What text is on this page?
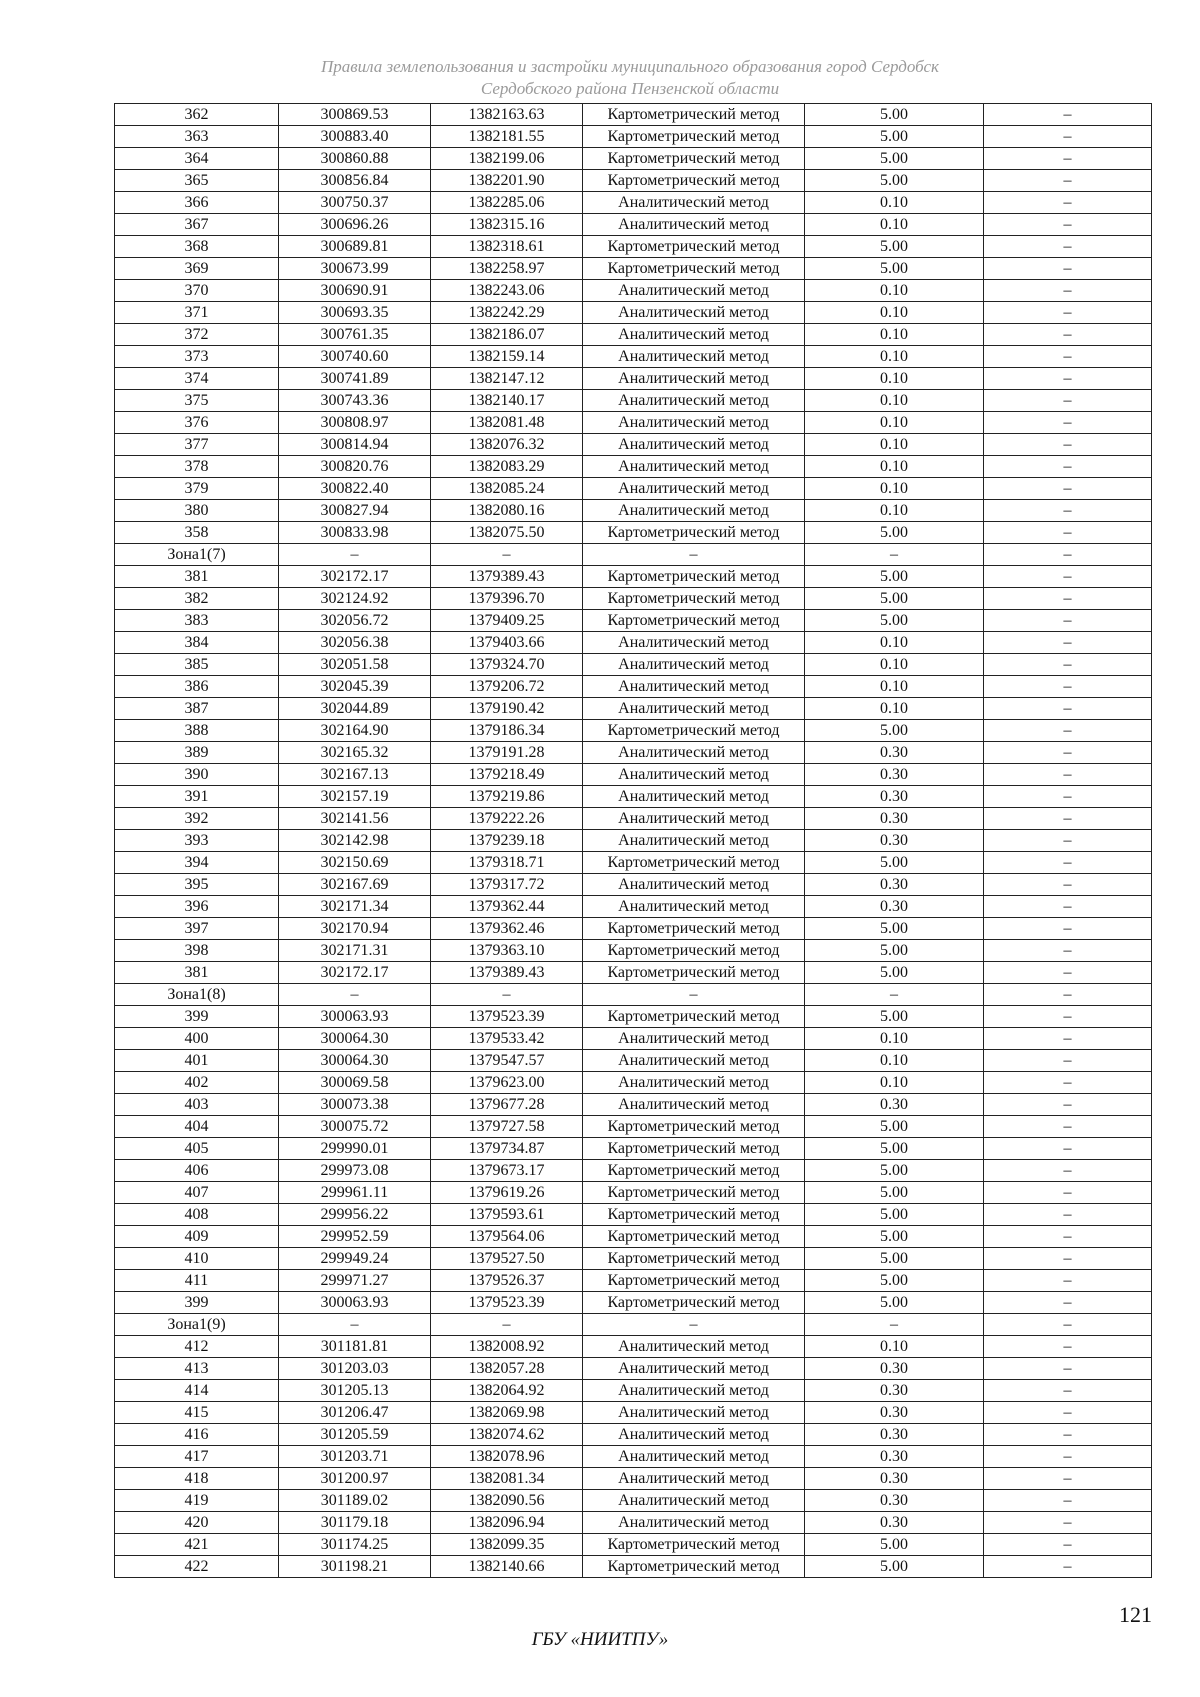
Правила землепользования и застройки муниципального образования город Сердобск
Сердобского района Пензенской области
362	300869.53	1382163.63	Картометрический метод	5.00	–
363	300883.40	1382181.55	Картометрический метод	5.00	–
364	300860.88	1382199.06	Картометрический метод	5.00	–
365	300856.84	1382201.90	Картометрический метод	5.00	–
366	300750.37	1382285.06	Аналитический метод	0.10	–
367	300696.26	1382315.16	Аналитический метод	0.10	–
368	300689.81	1382318.61	Картометрический метод	5.00	–
369	300673.99	1382258.97	Картометрический метод	5.00	–
370	300690.91	1382243.06	Аналитический метод	0.10	–
371	300693.35	1382242.29	Аналитический метод	0.10	–
372	300761.35	1382186.07	Аналитический метод	0.10	–
373	300740.60	1382159.14	Аналитический метод	0.10	–
374	300741.89	1382147.12	Аналитический метод	0.10	–
375	300743.36	1382140.17	Аналитический метод	0.10	–
376	300808.97	1382081.48	Аналитический метод	0.10	–
377	300814.94	1382076.32	Аналитический метод	0.10	–
378	300820.76	1382083.29	Аналитический метод	0.10	–
379	300822.40	1382085.24	Аналитический метод	0.10	–
380	300827.94	1382080.16	Аналитический метод	0.10	–
358	300833.98	1382075.50	Картометрический метод	5.00	–
Зона1(7)	–	–	–	–	–
381	302172.17	1379389.43	Картометрический метод	5.00	–
382	302124.92	1379396.70	Картометрический метод	5.00	–
383	302056.72	1379409.25	Картометрический метод	5.00	–
384	302056.38	1379403.66	Аналитический метод	0.10	–
385	302051.58	1379324.70	Аналитический метод	0.10	–
386	302045.39	1379206.72	Аналитический метод	0.10	–
387	302044.89	1379190.42	Аналитический метод	0.10	–
388	302164.90	1379186.34	Картометрический метод	5.00	–
389	302165.32	1379191.28	Аналитический метод	0.30	–
390	302167.13	1379218.49	Аналитический метод	0.30	–
391	302157.19	1379219.86	Аналитический метод	0.30	–
392	302141.56	1379222.26	Аналитический метод	0.30	–
393	302142.98	1379239.18	Аналитический метод	0.30	–
394	302150.69	1379318.71	Картометрический метод	5.00	–
395	302167.69	1379317.72	Аналитический метод	0.30	–
396	302171.34	1379362.44	Аналитический метод	0.30	–
397	302170.94	1379362.46	Картометрический метод	5.00	–
398	302171.31	1379363.10	Картометрический метод	5.00	–
381	302172.17	1379389.43	Картометрический метод	5.00	–
Зона1(8)	–	–	–	–	–
399	300063.93	1379523.39	Картометрический метод	5.00	–
400	300064.30	1379533.42	Аналитический метод	0.10	–
401	300064.30	1379547.57	Аналитический метод	0.10	–
402	300069.58	1379623.00	Аналитический метод	0.10	–
403	300073.38	1379677.28	Аналитический метод	0.30	–
404	300075.72	1379727.58	Картометрический метод	5.00	–
405	299990.01	1379734.87	Картометрический метод	5.00	–
406	299973.08	1379673.17	Картометрический метод	5.00	–
407	299961.11	1379619.26	Картометрический метод	5.00	–
408	299956.22	1379593.61	Картометрический метод	5.00	–
409	299952.59	1379564.06	Картометрический метод	5.00	–
410	299949.24	1379527.50	Картометрический метод	5.00	–
411	299971.27	1379526.37	Картометрический метод	5.00	–
399	300063.93	1379523.39	Картометрический метод	5.00	–
Зона1(9)	–	–	–	–	–
412	301181.81	1382008.92	Аналитический метод	0.10	–
413	301203.03	1382057.28	Аналитический метод	0.30	–
414	301205.13	1382064.92	Аналитический метод	0.30	–
415	301206.47	1382069.98	Аналитический метод	0.30	–
416	301205.59	1382074.62	Аналитический метод	0.30	–
417	301203.71	1382078.96	Аналитический метод	0.30	–
418	301200.97	1382081.34	Аналитический метод	0.30	–
419	301189.02	1382090.56	Аналитический метод	0.30	–
420	301179.18	1382096.94	Аналитический метод	0.30	–
421	301174.25	1382099.35	Картометрический метод	5.00	–
422	301198.21	1382140.66	Картометрический метод	5.00	–
121
ГБУ «НИИТПУ»
